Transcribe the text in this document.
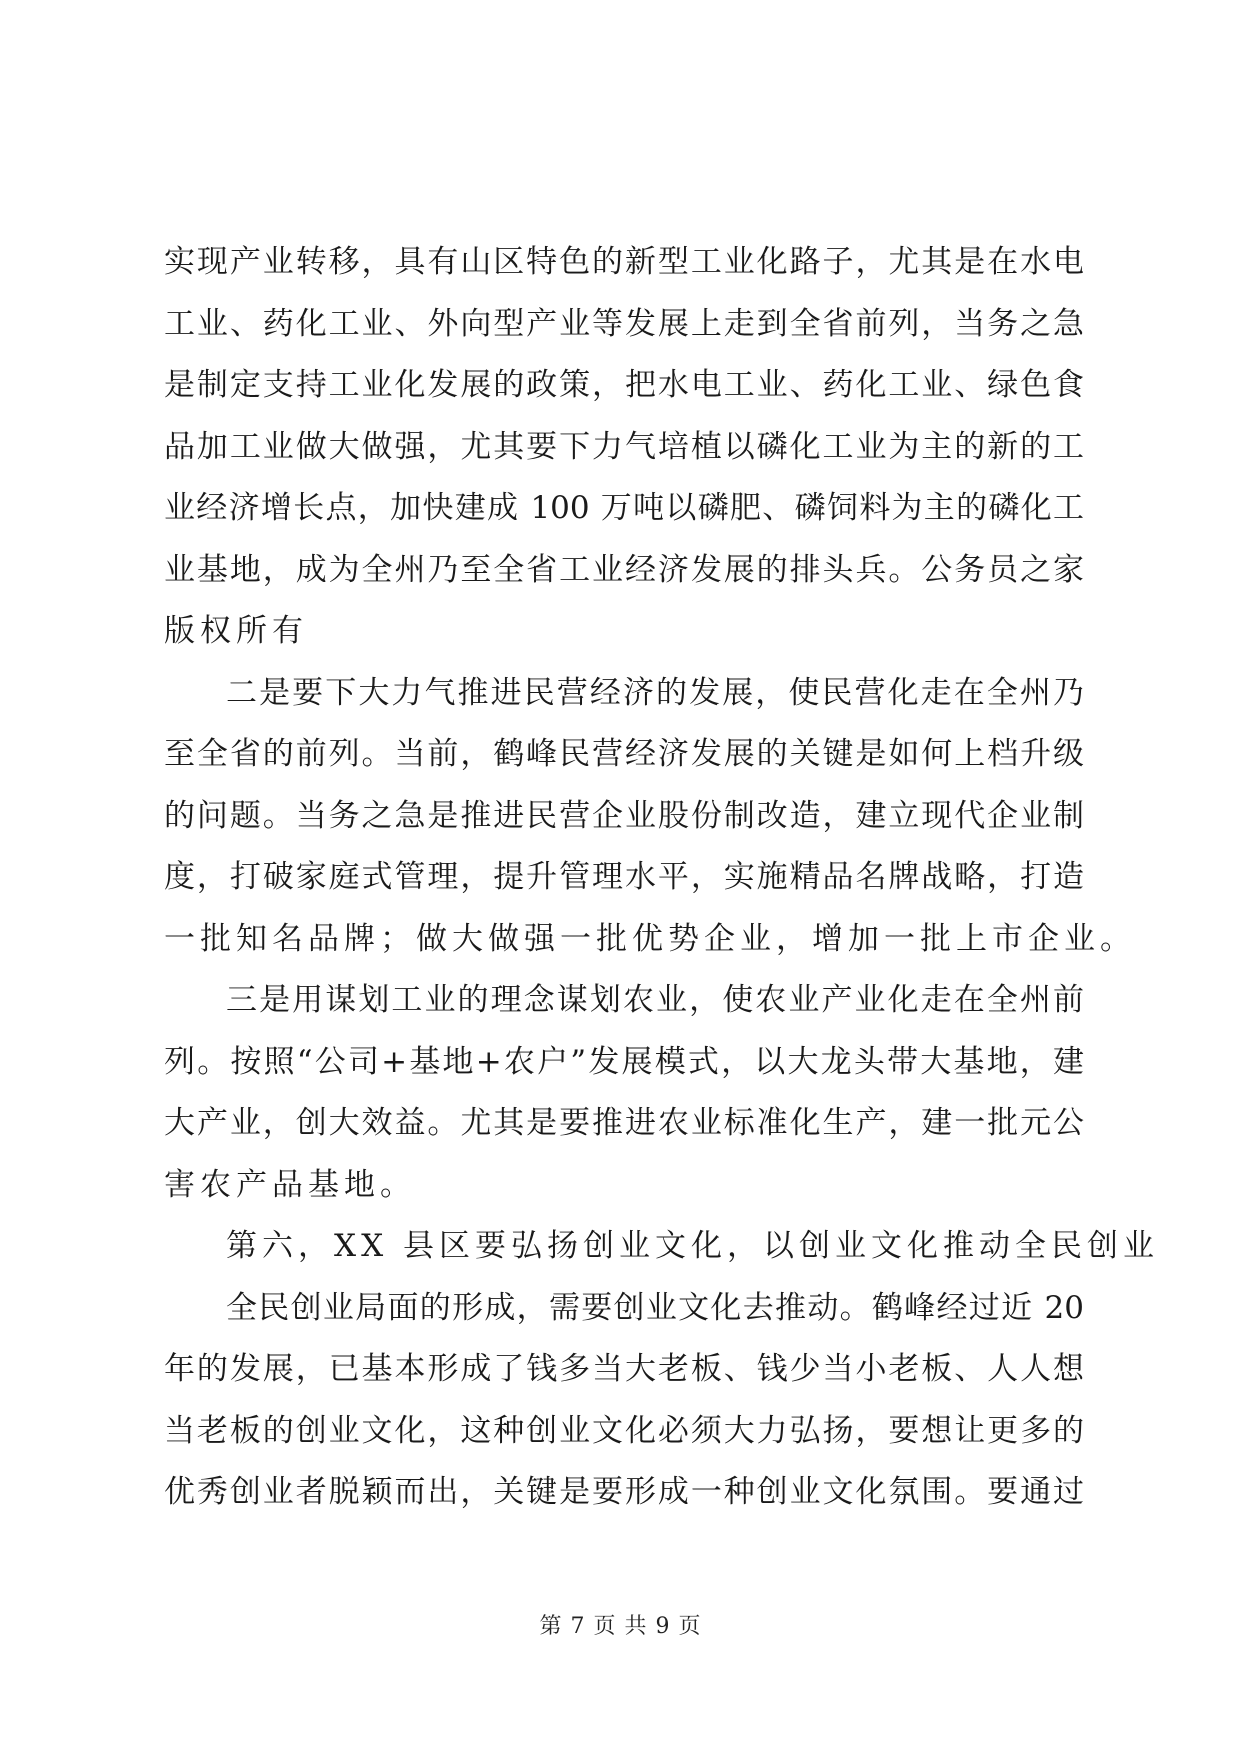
实现产业转移，具有山区特色的新型工业化路子，尤其是在水电
工业、药化工业、外向型产业等发展上走到全省前列，当务之急
是制定支持工业化发展的政策，把水电工业、药化工业、绿色食
品加工业做大做强，尤其要下力气培植以磷化工业为主的新的工
业经济增长点，加快建成 100 万吨以磷肥、磷饲料为主的磷化工
业基地，成为全州乃至全省工业经济发展的排头兵。公务员之家
版权所有
二是要下大力气推进民营经济的发展，使民营化走在全州乃
至全省的前列。当前，鹤峰民营经济发展的关键是如何上档升级
的问题。当务之急是推进民营企业股份制改造，建立现代企业制
度，打破家庭式管理，提升管理水平，实施精品名牌战略，打造
一批知名品牌；做大做强一批优势企业，增加一批上市企业。
三是用谋划工业的理念谋划农业，使农业产业化走在全州前
列。按照“公司+基地+农户”发展模式，以大龙头带大基地，建
大产业，创大效益。尤其是要推进农业标准化生产，建一批元公
害农产品基地。
第六，XX 县区要弘扬创业文化，以创业文化推动全民创业
全民创业局面的形成，需要创业文化去推动。鹤峰经过近 20
年的发展，已基本形成了钱多当大老板、钱少当小老板、人人想
当老板的创业文化，这种创业文化必须大力弘扬，要想让更多的
优秀创业者脱颖而出，关键是要形成一种创业文化氛围。要通过
第 7 页 共 9 页
